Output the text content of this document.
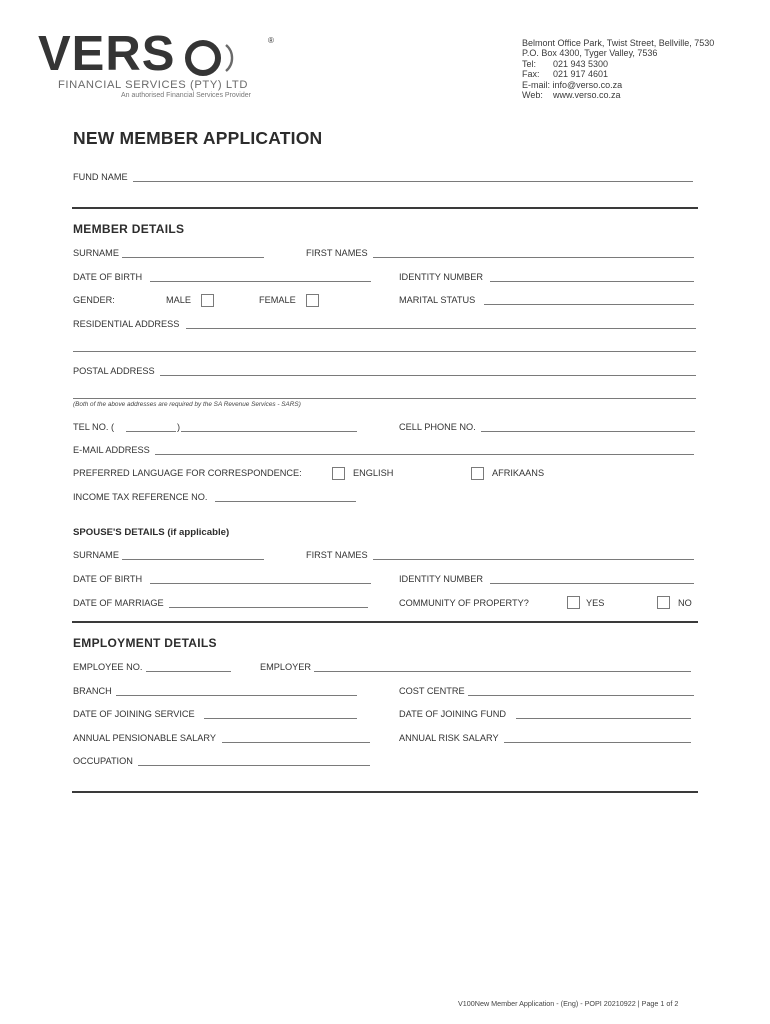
VERS	®
FINANCIAL SERVICES (PTY) LTD
An authorised Financial Services Provider
Belmont Office Park, Twist Street, Bellville, 7530
P.O. Box 4300, Tyger Valley, 7536
Tel: 021 943 5300
Fax: 021 917 4601
E-mail: info@verso.co.za
Web: www.verso.co.za
NEW MEMBER APPLICATION
FUND NAME
MEMBER DETAILS
SURNAME	FIRST NAMES
DATE OF BIRTH	IDENTITY NUMBER
GENDER:	MALE	FEMALE	MARITAL STATUS
RESIDENTIAL ADDRESS
POSTAL ADDRESS
(Both of the above addresses are required by the SA Revenue Services - SARS)
TEL NO. (	)	CELL PHONE NO.
E-MAIL ADDRESS
PREFERRED LANGUAGE FOR CORRESPONDENCE:	ENGLISH	AFRIKAANS
INCOME TAX REFERENCE NO.
SPOUSE'S DETAILS (if applicable)
SURNAME	FIRST NAMES
DATE OF BIRTH	IDENTITY NUMBER
DATE OF MARRIAGE	COMMUNITY OF PROPERTY?	YES	NO
EMPLOYMENT DETAILS
EMPLOYEE NO.	EMPLOYER
BRANCH	COST CENTRE
DATE OF JOINING SERVICE	DATE OF JOINING FUND
ANNUAL PENSIONABLE SALARY	ANNUAL RISK SALARY
OCCUPATION
V100New Member Application - (Eng) - POPI 20210922 | Page 1 of 2
